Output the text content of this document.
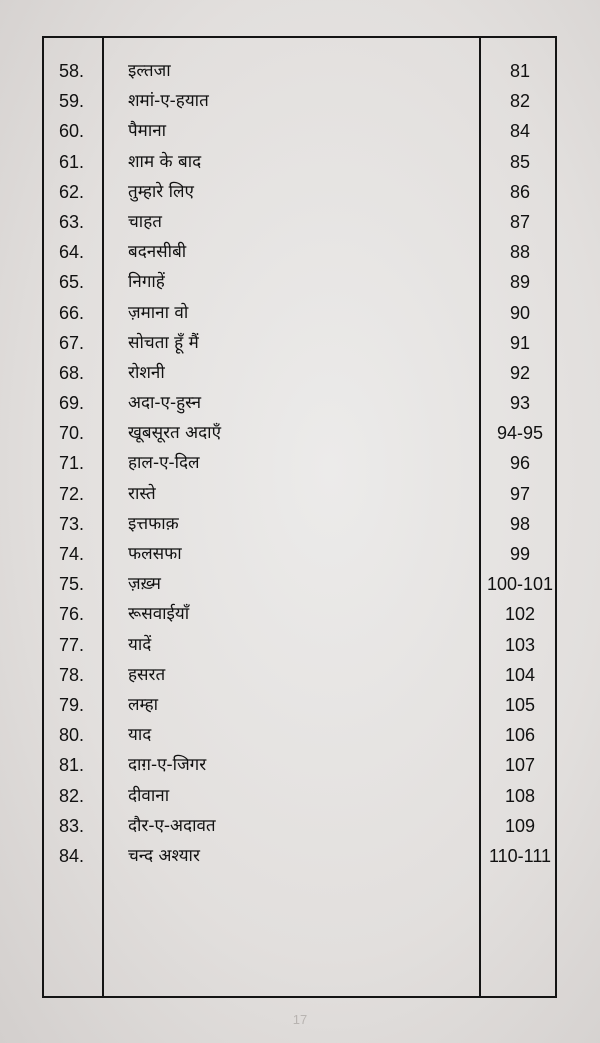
58.	इल्तजा	81
59.	शमां-ए-हयात	82
60.	पैमाना	84
61.	शाम के बाद	85
62.	तुम्हारे लिए	86
63.	चाहत	87
64.	बदनसीबी	88
65.	निगाहें	89
66.	ज़माना वो	90
67.	सोचता हूँ मैं	91
68.	रोशनी	92
69.	अदा-ए-हुस्न	93
70.	खूबसूरत अदाएँ	94-95
71.	हाल-ए-दिल	96
72.	रास्ते	97
73.	इत्तफाक़	98
74.	फलसफा	99
75.	ज़ख़्म	100-101
76.	रूसवाईयाँ	102
77.	यादें	103
78.	हसरत	104
79.	लम्हा	105
80.	याद	106
81.	दाग़-ए-जिगर	107
82.	दीवाना	108
83.	दौर-ए-अदावत	109
84.	चन्द अश्यार	110-111
17
